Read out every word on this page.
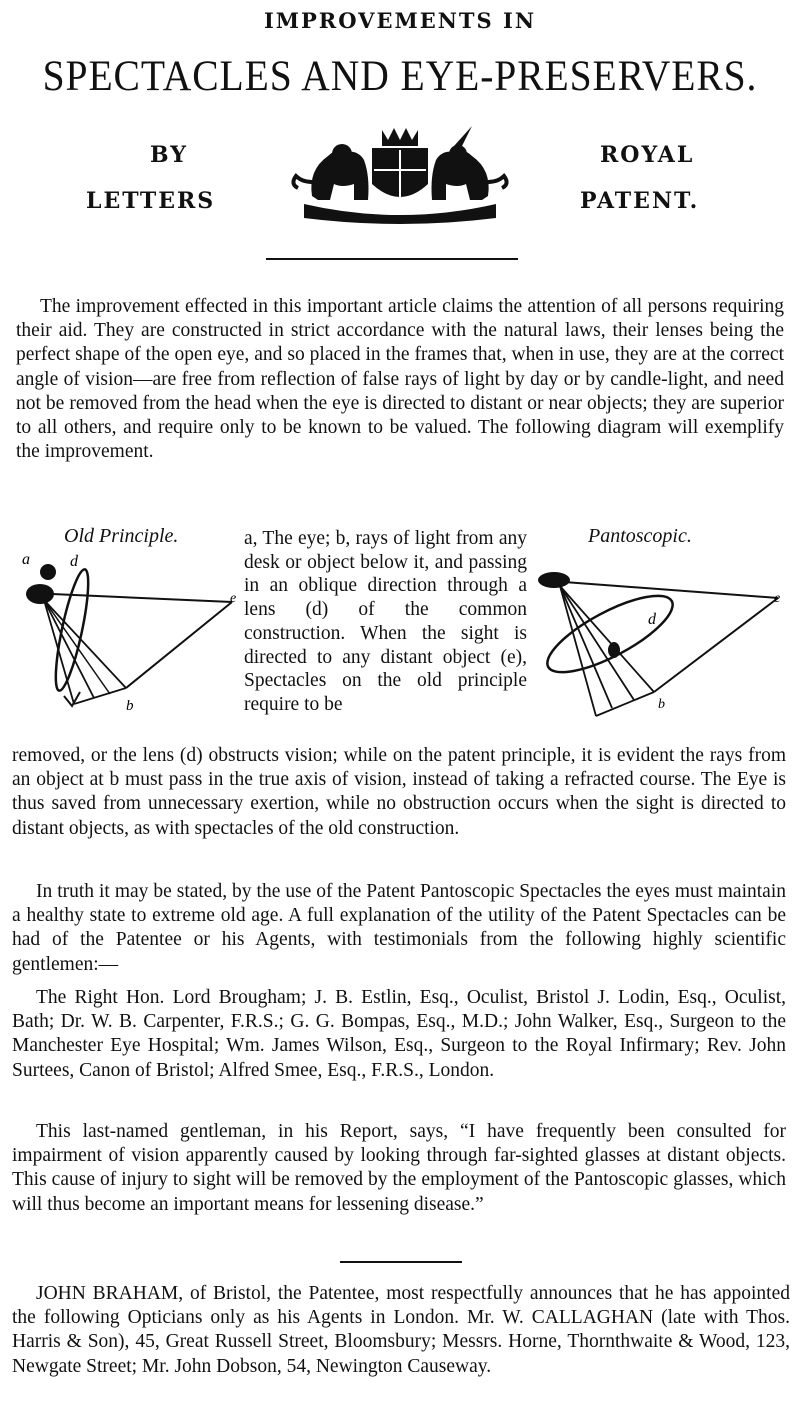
IMPROVEMENTS IN
SPECTACLES AND EYE-PRESERVERS.
BY
LETTERS
ROYAL
PATENT.

The improvement effected in this important article claims the attention of all persons requiring their aid. They are constructed in strict accordance with the natural laws, their lenses being the perfect shape of the open eye, and so placed in the frames that, when in use, they are at the correct angle of vision—are free from reflection of false rays of light by day or by candle-light, and need not be removed from the head when the eye is directed to distant or near objects; they are superior to all others, and require only to be known to be valued. The following diagram will exemplify the improvement.

Old Principle.	Pantoscopic.
a	d
e
b

a, The eye; b, rays of light from any desk or object below it, and passing in an oblique direction through a lens (d) of the common construction. When the sight is directed to any distant object (e), Spectacles on the old principle require to be

d
e
b

removed, or the lens (d) obstructs vision; while on the patent principle, it is evident the rays from an object at b must pass in the true axis of vision, instead of taking a refracted course. The Eye is thus saved from unnecessary exertion, while no obstruction occurs when the sight is directed to distant objects, as with spectacles of the old construction.

In truth it may be stated, by the use of the Patent Pantoscopic Spectacles the eyes must maintain a healthy state to extreme old age. A full explanation of the utility of the Patent Spectacles can be had of the Patentee or his Agents, with testimonials from the following highly scientific gentlemen:—

The Right Hon. Lord Brougham; J. B. Estlin, Esq., Oculist, Bristol J. Lodin, Esq., Oculist, Bath; Dr. W. B. Carpenter, F.R.S.; G. G. Bompas, Esq., M.D.; John Walker, Esq., Surgeon to the Manchester Eye Hospital; Wm. James Wilson, Esq., Surgeon to the Royal Infirmary; Rev. John Surtees, Canon of Bristol; Alfred Smee, Esq., F.R.S., London.

This last-named gentleman, in his Report, says, “I have frequently been consulted for impairment of vision apparently caused by looking through far-sighted glasses at distant objects. This cause of injury to sight will be removed by the employment of the Pantoscopic glasses, which will thus become an important means for lessening disease.”

JOHN BRAHAM, of Bristol, the Patentee, most respectfully announces that he has appointed the following Opticians only as his Agents in London. Mr. W. CALLAGHAN (late with Thos. Harris & Son), 45, Great Russell Street, Bloomsbury; Messrs. Horne, Thornthwaite & Wood, 123, Newgate Street; Mr. John Dobson, 54, Newington Causeway.
